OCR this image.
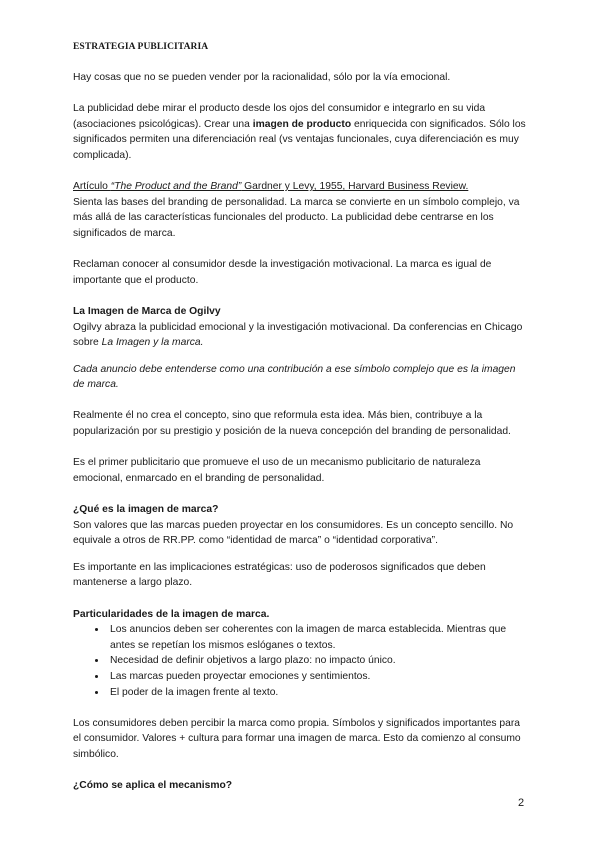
ESTRATEGIA PUBLICITARIA

Hay cosas que no se pueden vender por la racionalidad, sólo por la vía emocional.

La publicidad debe mirar el producto desde los ojos del consumidor e integrarlo en su vida (asociaciones psicológicas). Crear una imagen de producto enriquecida con significados. Sólo los significados permiten una diferenciación real (vs ventajas funcionales, cuya diferenciación es muy complicada).

Artículo “The Product and the Brand” Gardner y Levy, 1955, Harvard Business Review.

Sienta las bases del branding de personalidad. La marca se convierte en un símbolo complejo, va más allá de las características funcionales del producto. La publicidad debe centrarse en los significados de marca.

Reclaman conocer al consumidor desde la investigación motivacional. La marca es igual de importante que el producto.

La Imagen de Marca de Ogilvy

Ogilvy abraza la publicidad emocional y la investigación motivacional. Da conferencias en Chicago sobre La Imagen y la marca.

Cada anuncio debe entenderse como una contribución a ese símbolo complejo que es la imagen de marca.

Realmente él no crea el concepto, sino que reformula esta idea. Más bien, contribuye a la popularización por su prestigio y posición de la nueva concepción del branding de personalidad.

Es el primer publicitario que promueve el uso de un mecanismo publicitario de naturaleza emocional, enmarcado en el branding de personalidad.

¿Qué es la imagen de marca?

Son valores que las marcas pueden proyectar en los consumidores. Es un concepto sencillo. No equivale a otros de RR.PP. como “identidad de marca” o “identidad corporativa”.

Es importante en las implicaciones estratégicas: uso de poderosos significados que deben mantenerse a largo plazo.

Particularidades de la imagen de marca.

• Los anuncios deben ser coherentes con la imagen de marca establecida. Mientras que antes se repetían los mismos eslóganes o textos.
• Necesidad de definir objetivos a largo plazo: no impacto único.
• Las marcas pueden proyectar emociones y sentimientos.
• El poder de la imagen frente al texto.

Los consumidores deben percibir la marca como propia. Símbolos y significados importantes para el consumidor. Valores + cultura para formar una imagen de marca. Esto da comienzo al consumo simbólico.

¿Cómo se aplica el mecanismo?

2
